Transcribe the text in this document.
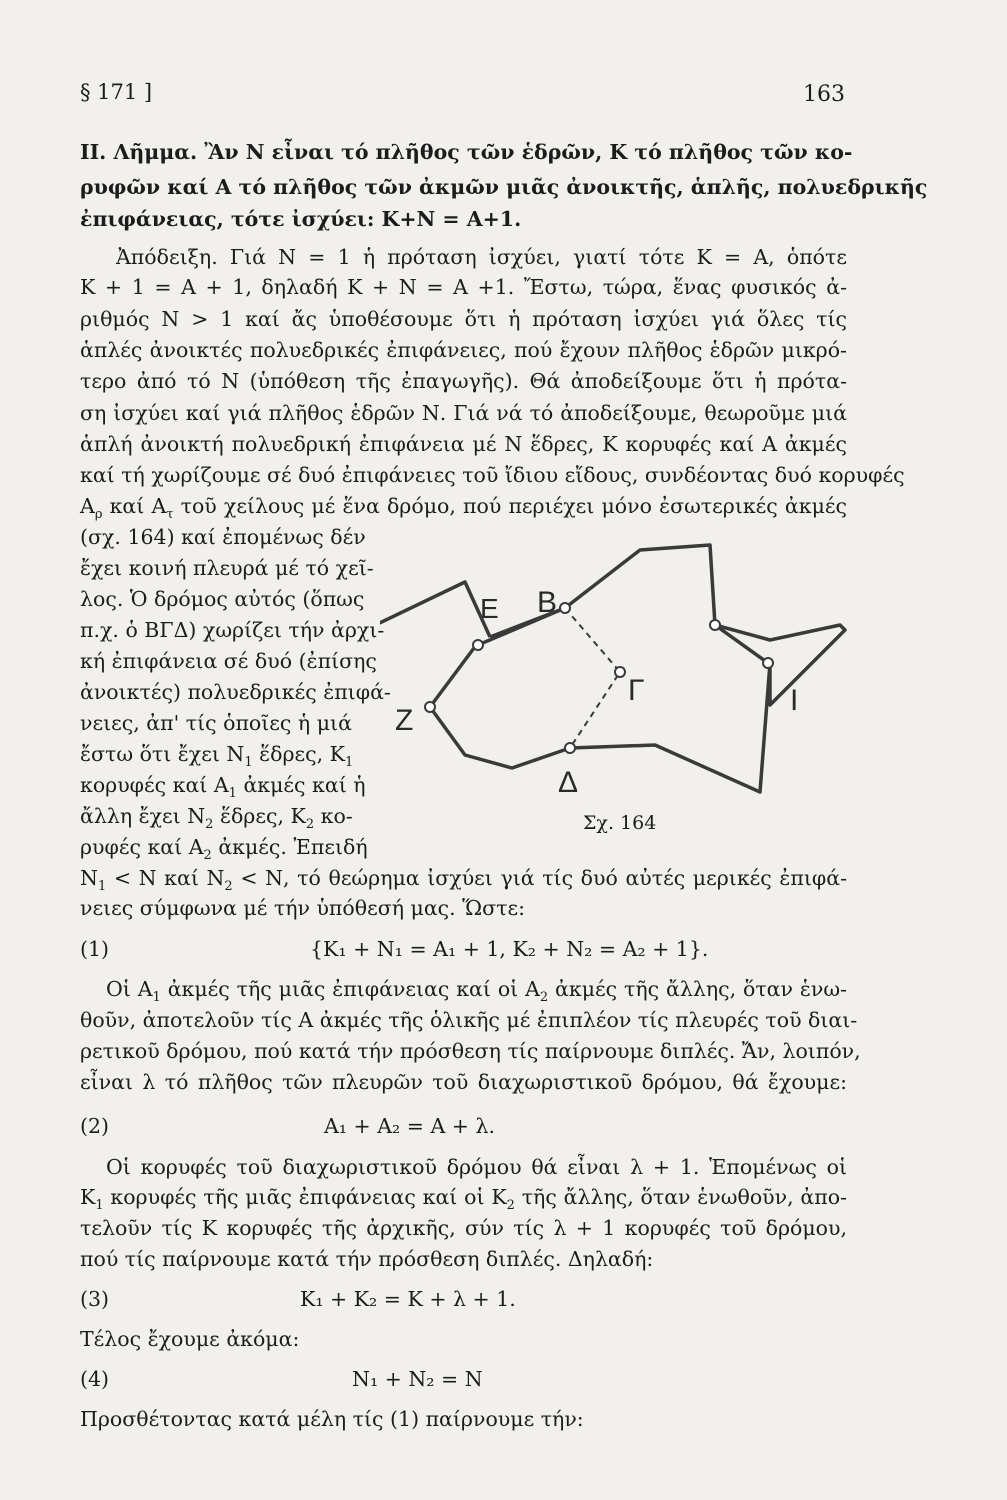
§ 171 ]	163
II. Λῆμμα. Ἂν Ν εἶναι τό πλῆθος τῶν ἑδρῶν, Κ τό πλῆθος τῶν κο-
ρυφῶν καί Α τό πλῆθος τῶν ἀκμῶν μιᾶς ἀνοικτῆς, ἁπλῆς, πολυεδρικῆς
ἐπιφάνειας, τότε ἰσχύει: Κ+Ν = Α+1.
Ἀπόδειξη. Γιά Ν = 1 ἡ πρόταση ἰσχύει, γιατί τότε Κ = Α, ὁπότε
Κ + 1 = Α + 1, δηλαδή Κ + Ν = Α +1. Ἔστω, τώρα, ἕνας φυσικός ἀ-
ριθμός Ν > 1 καί ἄς ὑποθέσουμε ὅτι ἡ πρόταση ἰσχύει γιά ὅλες τίς
ἁπλές ἀνοικτές πολυεδρικές ἐπιφάνειες, πού ἔχουν πλῆθος ἑδρῶν μικρό-
τερο ἀπό τό Ν (ὑπόθεση τῆς ἐπαγωγῆς). Θά ἀποδείξουμε ὅτι ἡ πρότα-
ση ἰσχύει καί γιά πλῆθος ἑδρῶν Ν. Γιά νά τό ἀποδείξουμε, θεωροῦμε μιά
ἁπλή ἀνοικτή πολυεδρική ἐπιφάνεια μέ Ν ἕδρες, Κ κορυφές καί Α ἀκμές
καί τή χωρίζουμε σέ δυό ἐπιφάνειες τοῦ ἴδιου εἴδους, συνδέοντας δυό κορυφές
$A_\rho$ καί $A_\tau$ τοῦ χείλους μέ ἕνα δρόμο, πού περιέχει μόνο ἐσωτερικές ἀκμές
(σχ. 164) καί ἐπομένως δέν
ἔχει κοινή πλευρά μέ τό χεῖ-
λος. Ὁ δρόμος αὐτός (ὅπως
π.χ. ὁ ΒΓΔ) χωρίζει τήν ἀρχι-
κή ἐπιφάνεια σέ δυό (ἐπίσης
ἀνοικτές) πολυεδρικές ἐπιφά-
νειες, ἀπ' τίς ὁποῖες ἡ μιά
ἔστω ὅτι ἔχει $N_1$ ἕδρες, $K_1$
κορυφές καί $A_1$ ἀκμές καί ἡ
ἄλλη ἔχει $N_2$ ἕδρες, $K_2$ κο-
ρυφές καί $A_2$ ἀκμές. Ἐπειδή
Β
Ε
Γ
Ζ
Δ
Ι
Σχ. 164
$N_1 < N$ καί $N_2 < N$, τό θεώρημα ἰσχύει γιά τίς δυό αὐτές μερικές ἐπιφά-
νειες σύμφωνα μέ τήν ὑπόθεσή μας. Ὥστε:
(1)	{Κ₁ + Ν₁ = Α₁ + 1, Κ₂ + Ν₂ = Α₂ + 1}.
Οἱ $A_1$ ἀκμές τῆς μιᾶς ἐπιφάνειας καί οἱ $A_2$ ἀκμές τῆς ἄλλης, ὅταν ἑνω-
θοῦν, ἀποτελοῦν τίς Α ἀκμές τῆς ὁλικῆς μέ ἐπιπλέον τίς πλευρές τοῦ διαι-
ρετικοῦ δρόμου, πού κατά τήν πρόσθεση τίς παίρνουμε διπλές. Ἄν, λοιπόν,
εἶναι λ τό πλῆθος τῶν πλευρῶν τοῦ διαχωριστικοῦ δρόμου, θά ἔχουμε:
(2)	Α₁ + Α₂ = Α + λ.
Οἱ κορυφές τοῦ διαχωριστικοῦ δρόμου θά εἶναι λ + 1. Ἑπομένως οἱ
$K_1$ κορυφές τῆς μιᾶς ἐπιφάνειας καί οἱ $K_2$ τῆς ἄλλης, ὅταν ἑνωθοῦν, ἀπο-
τελοῦν τίς Κ κορυφές τῆς ἀρχικῆς, σύν τίς λ + 1 κορυφές τοῦ δρόμου,
πού τίς παίρνουμε κατά τήν πρόσθεση διπλές. Δηλαδή:
(3)	Κ₁ + Κ₂ = Κ + λ + 1.
Τέλος ἔχουμε ἀκόμα:
(4)	Ν₁ + Ν₂ = Ν
Προσθέτοντας κατά μέλη τίς (1) παίρνουμε τήν:
